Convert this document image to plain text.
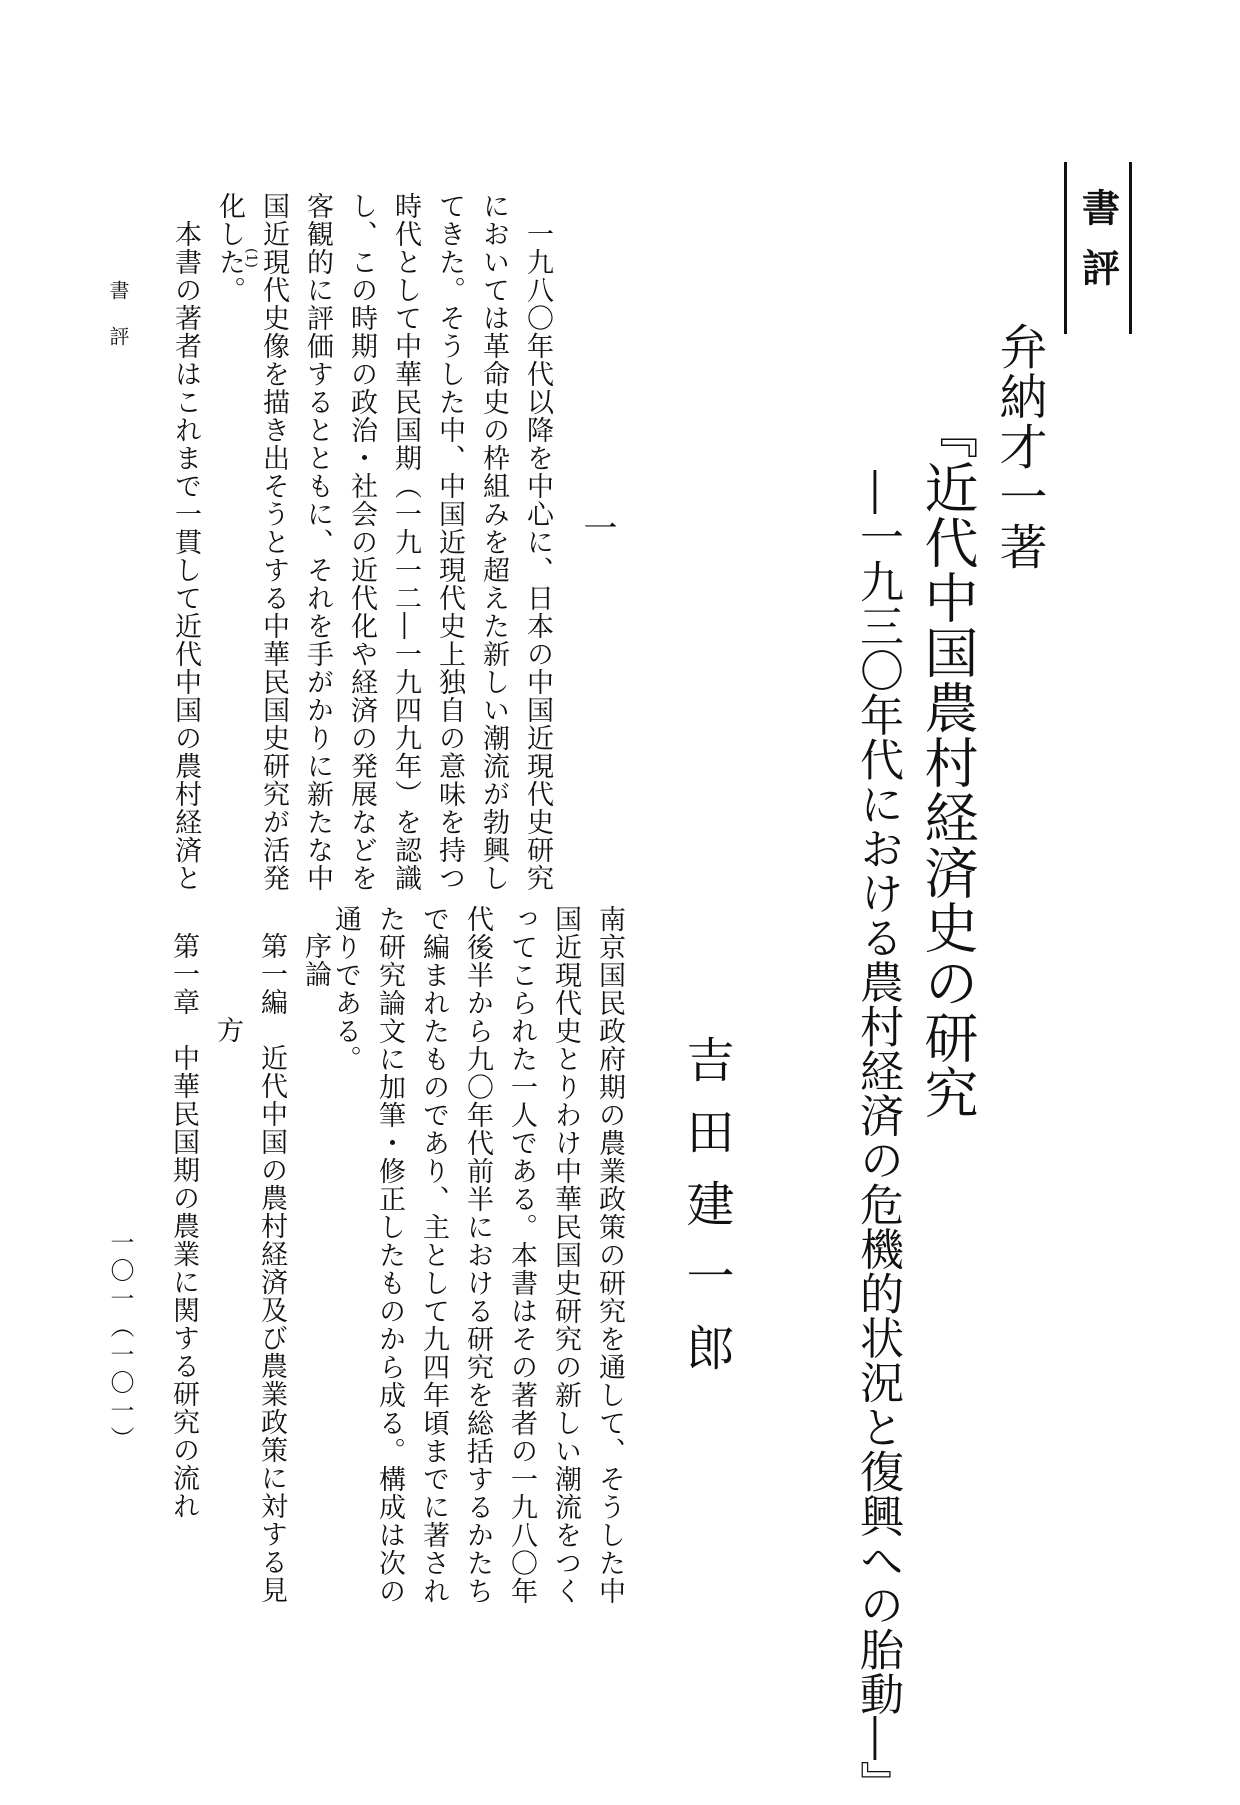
書評
弁納才一著
『近代中国農村経済史の研究
―一九三〇年代における農村経済の危機的状況と復興への胎動―』
吉田建一郎
一
南京国民政府期の農業政策の研究を通して、そうした中
国近現代史とりわけ中華民国史研究の新しい潮流をつく
ってこられた一人である。本書はその著者の一九八〇年
代後半から九〇年代前半における研究を総括するかたち
で編まれたものであり、主として九四年頃までに著され
た研究論文に加筆・修正したものから成る。構成は次の
通りである。
序論
第一編　近代中国の農村経済及び農業政策に対する見
　　　方
第一章　中華民国期の農業に関する研究の流れ
　一九八〇年代以降を中心に、日本の中国近現代史研究
においては革命史の枠組みを超えた新しい潮流が勃興し
てきた。そうした中、中国近現代史上独自の意味を持つ
時代として中華民国期（一九一二―一九四九年）を認識
し、この時期の政治・社会の近代化や経済の発展などを
客観的に評価するとともに、それを手がかりに新たな中
国近現代史像を描き出そうとする中華民国史研究が活発
化した。
(1)
　本書の著者はこれまで一貫して近代中国の農村経済と
書評
一〇一（一〇一）
